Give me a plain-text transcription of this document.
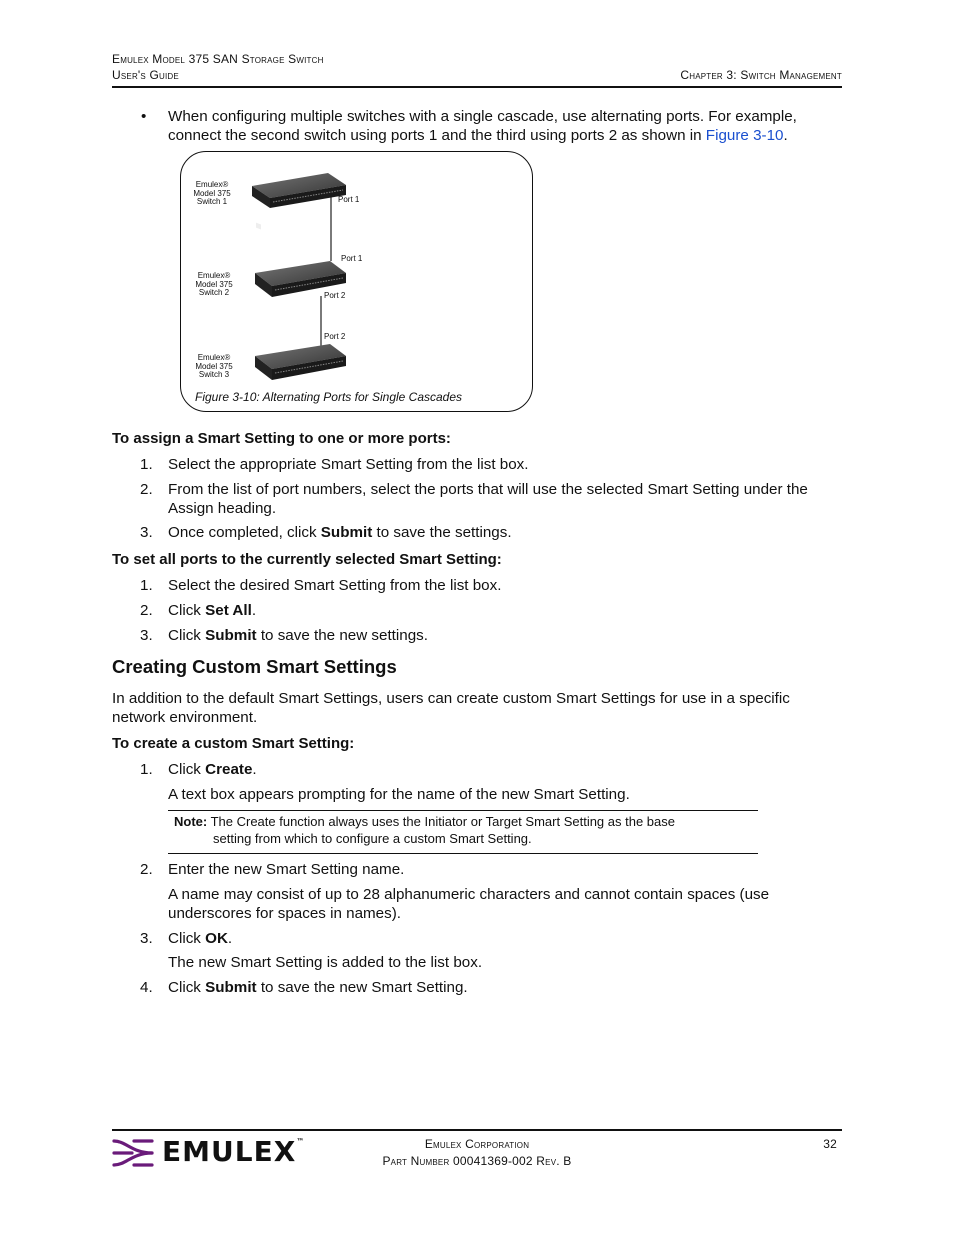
Emulex Model 375 SAN Storage Switch
User's Guide	Chapter 3: Switch Management
• When configuring multiple switches with a single cascade, use alternating ports. For example, connect the second switch using ports 1 and the third using ports 2 as shown in Figure 3-10.
Emulex®
Model 375
Switch 1
Emulex®
Model 375
Switch 2
Emulex®
Model 375
Switch 3
Port 1
Port 1
Port 2
Port 2
Figure 3-10: Alternating Ports for Single Cascades
To assign a Smart Setting to one or more ports:
1. Select the appropriate Smart Setting from the list box.
2. From the list of port numbers, select the ports that will use the selected Smart Setting under the Assign heading.
3. Once completed, click Submit to save the settings.
To set all ports to the currently selected Smart Setting:
1. Select the desired Smart Setting from the list box.
2. Click Set All.
3. Click Submit to save the new settings.
Creating Custom Smart Settings
In addition to the default Smart Settings, users can create custom Smart Settings for use in a specific network environment.
To create a custom Smart Setting:
1. Click Create.
A text box appears prompting for the name of the new Smart Setting.
Note: The Create function always uses the Initiator or Target Smart Setting as the base
setting from which to configure a custom Smart Setting.
2. Enter the new Smart Setting name.
A name may consist of up to 28 alphanumeric characters and cannot contain spaces (use underscores for spaces in names).
3. Click OK.
The new Smart Setting is added to the list box.
4. Click Submit to save the new Smart Setting.
EMULEX™	Emulex Corporation
Part Number 00041369-002 Rev. B
32
